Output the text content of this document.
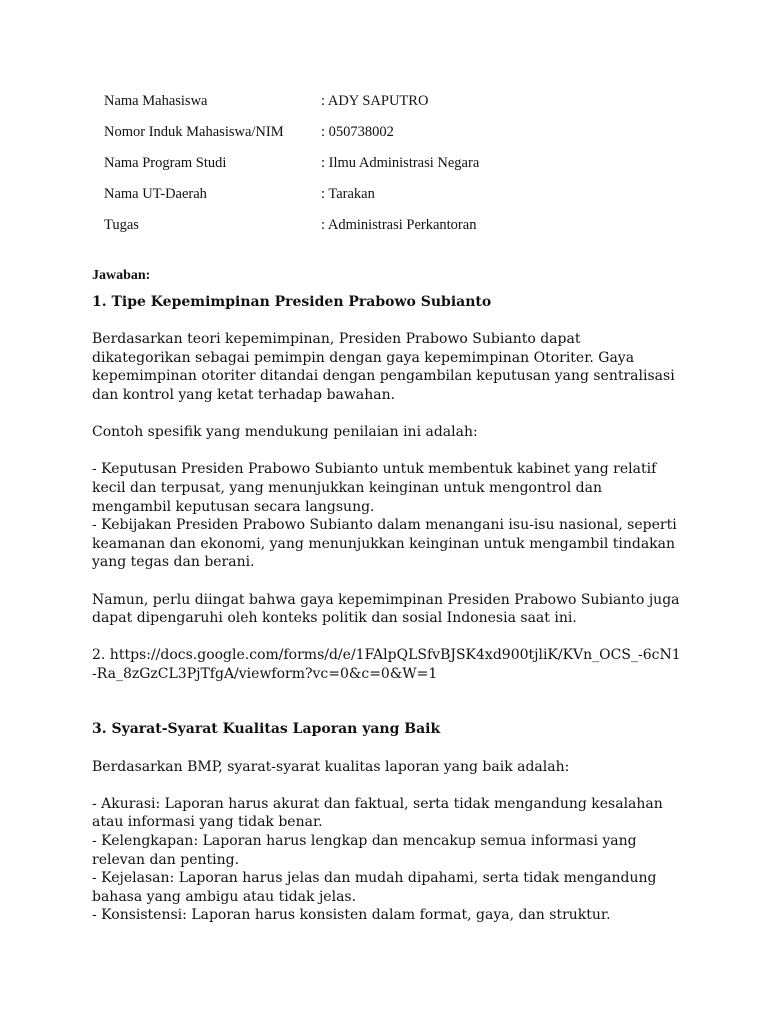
Nama Mahasiswa	: ADY SAPUTRO
Nomor Induk Mahasiswa/NIM	: 050738002
Nama Program Studi	: Ilmu Administrasi Negara
Nama UT-Daerah	: Tarakan
Tugas	: Administrasi Perkantoran
Jawaban:

1. Tipe Kepemimpinan Presiden Prabowo Subianto

Berdasarkan teori kepemimpinan, Presiden Prabowo Subianto dapat dikategorikan sebagai pemimpin dengan gaya kepemimpinan Otoriter. Gaya kepemimpinan otoriter ditandai dengan pengambilan keputusan yang sentralisasi dan kontrol yang ketat terhadap bawahan.

Contoh spesifik yang mendukung penilaian ini adalah:

- Keputusan Presiden Prabowo Subianto untuk membentuk kabinet yang relatif kecil dan terpusat, yang menunjukkan keinginan untuk mengontrol dan mengambil keputusan secara langsung.

- Kebijakan Presiden Prabowo Subianto dalam menangani isu-isu nasional, seperti keamanan dan ekonomi, yang menunjukkan keinginan untuk mengambil tindakan yang tegas dan berani.

Namun, perlu diingat bahwa gaya kepemimpinan Presiden Prabowo Subianto juga dapat dipengaruhi oleh konteks politik dan sosial Indonesia saat ini.

2. https://docs.google.com/forms/d/e/1FAlpQLSfvBJSK4xd900tjliK/KVn_OCS_-6cN1-Ra_8zGzCL3PjTfgA/viewform?vc=0&c=0&W=1

3. Syarat-Syarat Kualitas Laporan yang Baik

Berdasarkan BMP, syarat-syarat kualitas laporan yang baik adalah:

- Akurasi: Laporan harus akurat dan faktual, serta tidak mengandung kesalahan atau informasi yang tidak benar.

- Kelengkapan: Laporan harus lengkap dan mencakup semua informasi yang relevan dan penting.

- Kejelasan: Laporan harus jelas dan mudah dipahami, serta tidak mengandung bahasa yang ambigu atau tidak jelas.

- Konsistensi: Laporan harus konsisten dalam format, gaya, dan struktur.
